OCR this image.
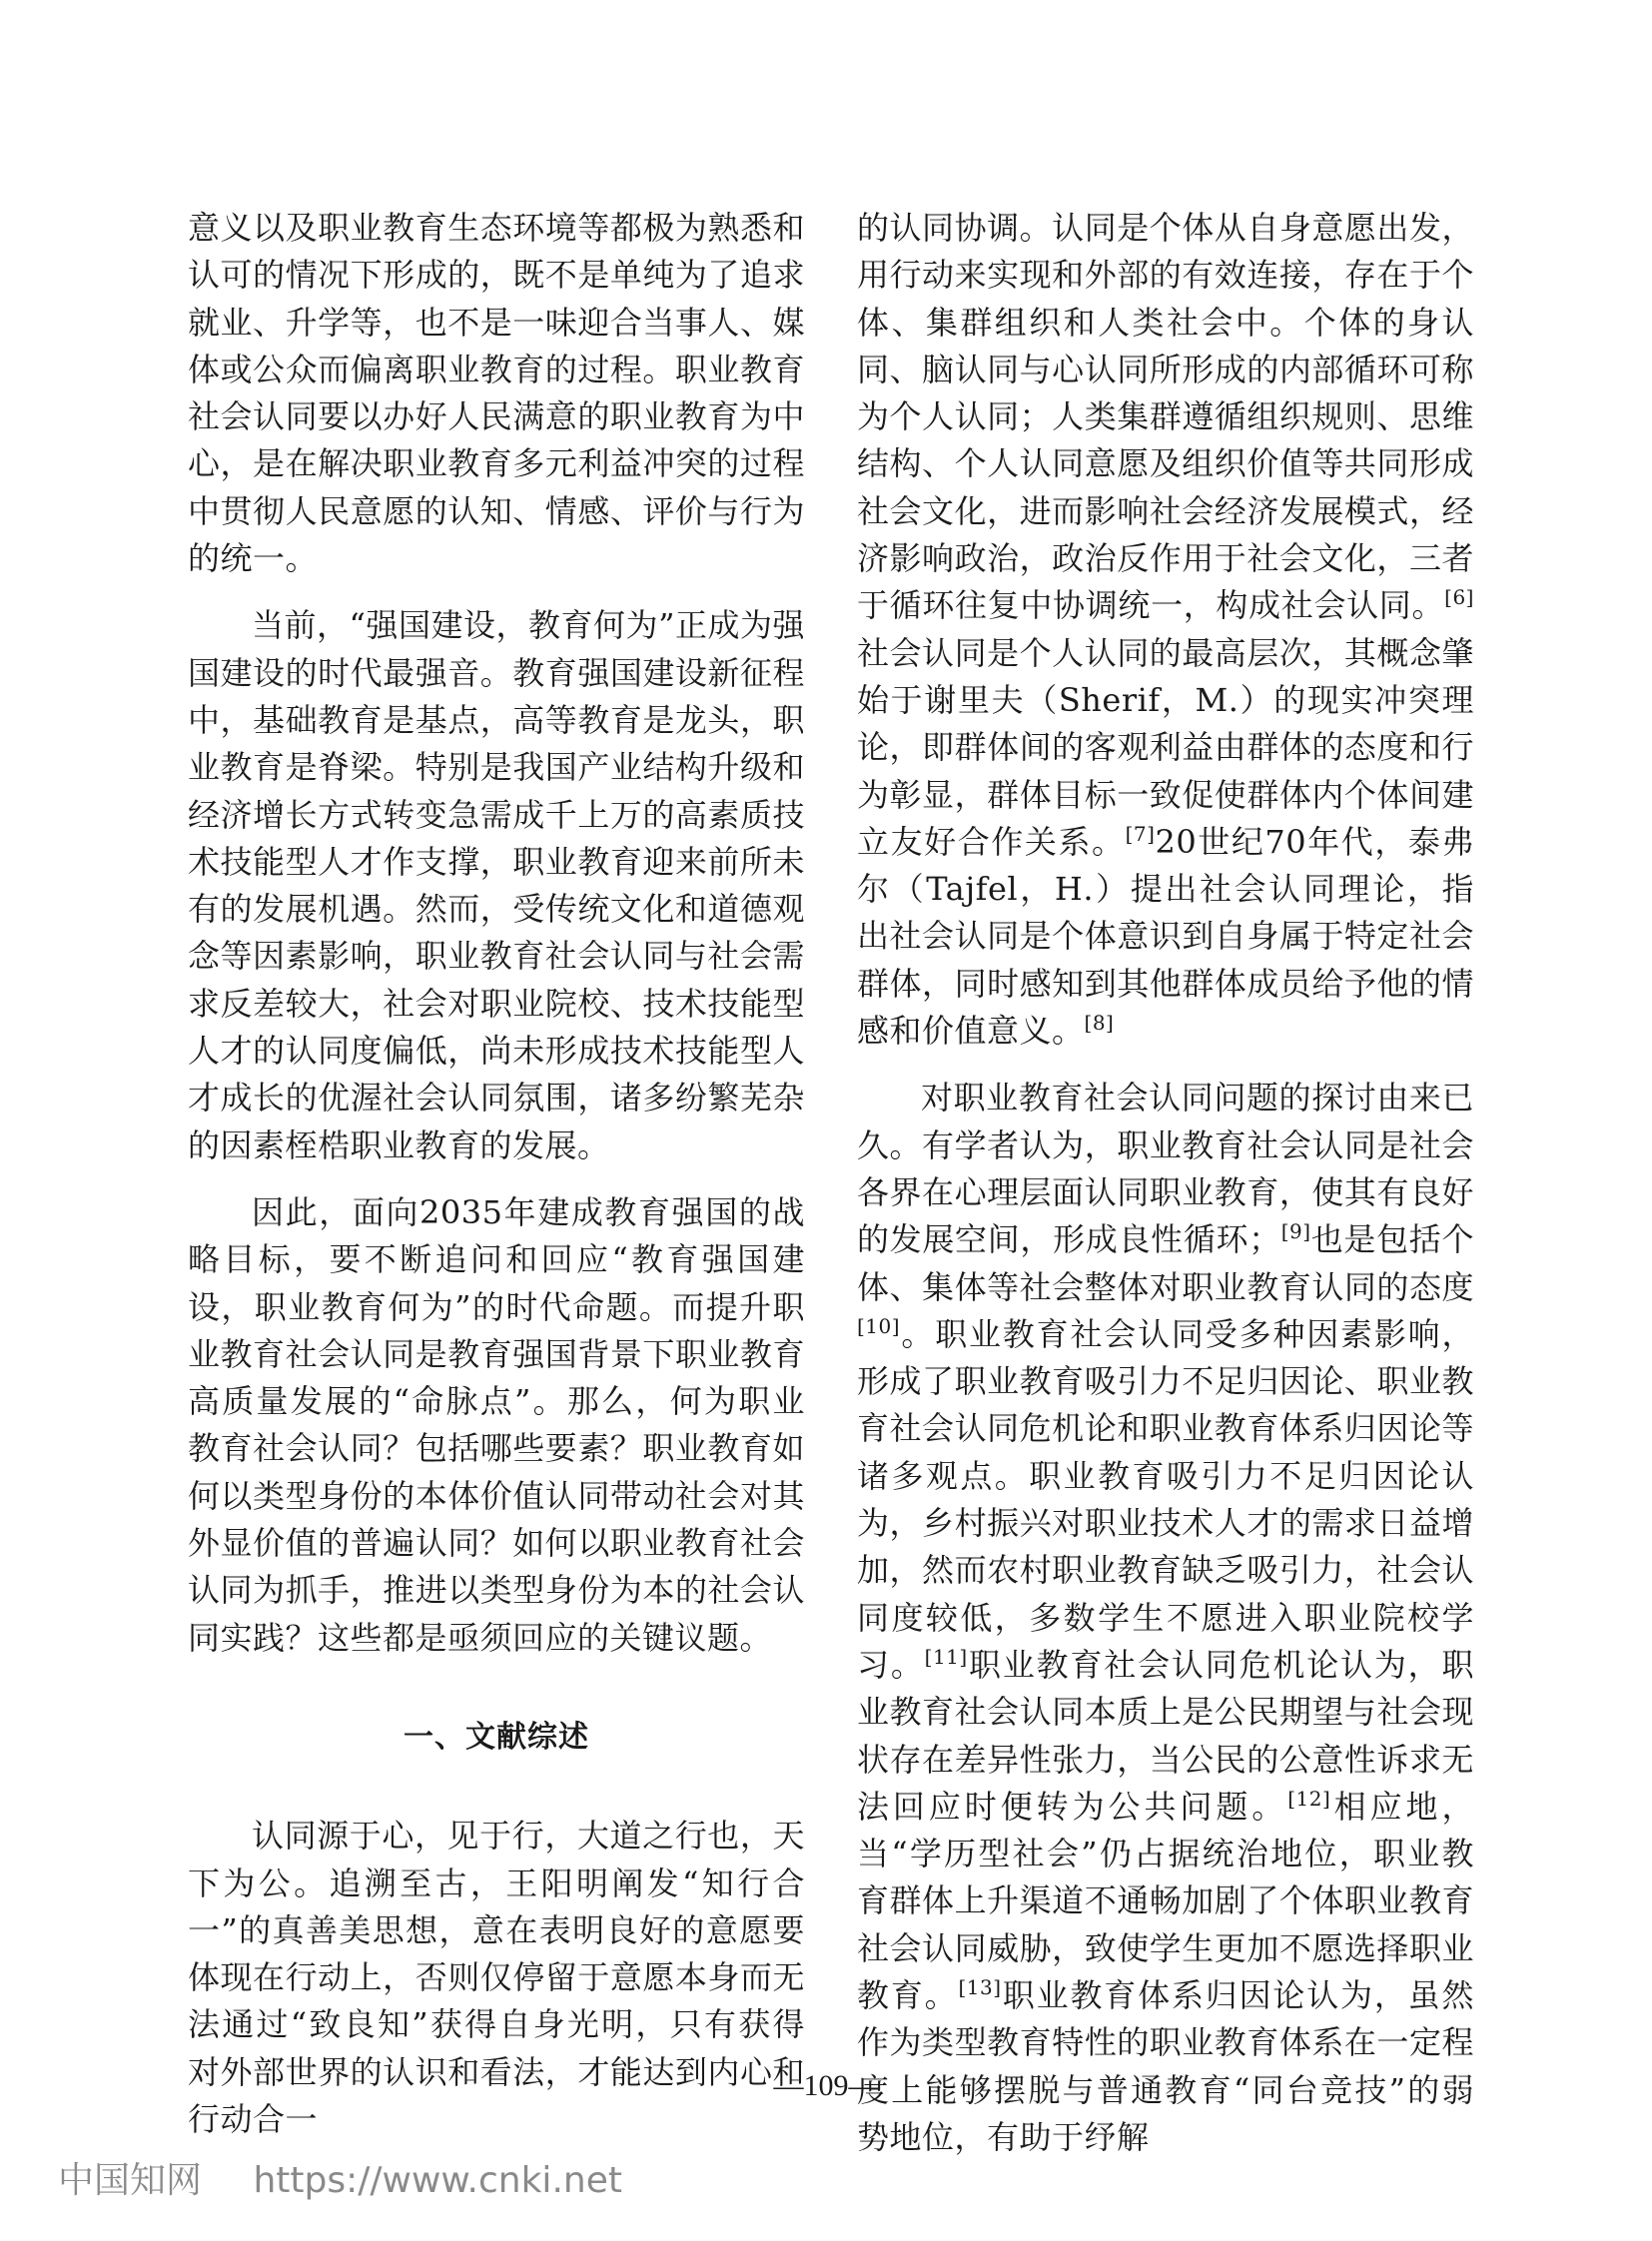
意义以及职业教育生态环境等都极为熟悉和认可的情况下形成的，既不是单纯为了追求就业、升学等，也不是一味迎合当事人、媒体或公众而偏离职业教育的过程。职业教育社会认同要以办好人民满意的职业教育为中心，是在解决职业教育多元利益冲突的过程中贯彻人民意愿的认知、情感、评价与行为的统一。

当前，“强国建设，教育何为”正成为强国建设的时代最强音。教育强国建设新征程中，基础教育是基点，高等教育是龙头，职业教育是脊梁。特别是我国产业结构升级和经济增长方式转变急需成千上万的高素质技术技能型人才作支撑，职业教育迎来前所未有的发展机遇。然而，受传统文化和道德观念等因素影响，职业教育社会认同与社会需求反差较大，社会对职业院校、技术技能型人才的认同度偏低，尚未形成技术技能型人才成长的优渥社会认同氛围，诸多纷繁芜杂的因素桎梏职业教育的发展。

因此，面向2035年建成教育强国的战略目标，要不断追问和回应“教育强国建设，职业教育何为”的时代命题。而提升职业教育社会认同是教育强国背景下职业教育高质量发展的“命脉点”。那么，何为职业教育社会认同？包括哪些要素？职业教育如何以类型身份的本体价值认同带动社会对其外显价值的普遍认同？如何以职业教育社会认同为抓手，推进以类型身份为本的社会认同实践？这些都是亟须回应的关键议题。

一、文献综述

认同源于心，见于行，大道之行也，天下为公。追溯至古，王阳明阐发“知行合一”的真善美思想，意在表明良好的意愿要体现在行动上，否则仅停留于意愿本身而无法通过“致良知”获得自身光明，只有获得对外部世界的认识和看法，才能达到内心和行动合一

的认同协调。认同是个体从自身意愿出发，用行动来实现和外部的有效连接，存在于个体、集群组织和人类社会中。个体的身认同、脑认同与心认同所形成的内部循环可称为个人认同；人类集群遵循组织规则、思维结构、个人认同意愿及组织价值等共同形成社会文化，进而影响社会经济发展模式，经济影响政治，政治反作用于社会文化，三者于循环往复中协调统一，构成社会认同。[6]社会认同是个人认同的最高层次，其概念肇始于谢里夫（Sherif，M.）的现实冲突理论，即群体间的客观利益由群体的态度和行为彰显，群体目标一致促使群体内个体间建立友好合作关系。[7]20世纪70年代，泰弗尔（Tajfel，H.）提出社会认同理论，指出社会认同是个体意识到自身属于特定社会群体，同时感知到其他群体成员给予他的情感和价值意义。[8]

对职业教育社会认同问题的探讨由来已久。有学者认为，职业教育社会认同是社会各界在心理层面认同职业教育，使其有良好的发展空间，形成良性循环；[9]也是包括个体、集体等社会整体对职业教育认同的态度[10]。职业教育社会认同受多种因素影响，形成了职业教育吸引力不足归因论、职业教育社会认同危机论和职业教育体系归因论等诸多观点。职业教育吸引力不足归因论认为，乡村振兴对职业技术人才的需求日益增加，然而农村职业教育缺乏吸引力，社会认同度较低，多数学生不愿进入职业院校学习。[11]职业教育社会认同危机论认为，职业教育社会认同本质上是公民期望与社会现状存在差异性张力，当公民的公意性诉求无法回应时便转为公共问题。[12]相应地，当“学历型社会”仍占据统治地位，职业教育群体上升渠道不通畅加剧了个体职业教育社会认同威胁，致使学生更加不愿选择职业教育。[13]职业教育体系归因论认为，虽然作为类型教育特性的职业教育体系在一定程度上能够摆脱与普通教育“同台竞技”的弱势地位，有助于纾解

—109—
中国知网 https://www.cnki.net
